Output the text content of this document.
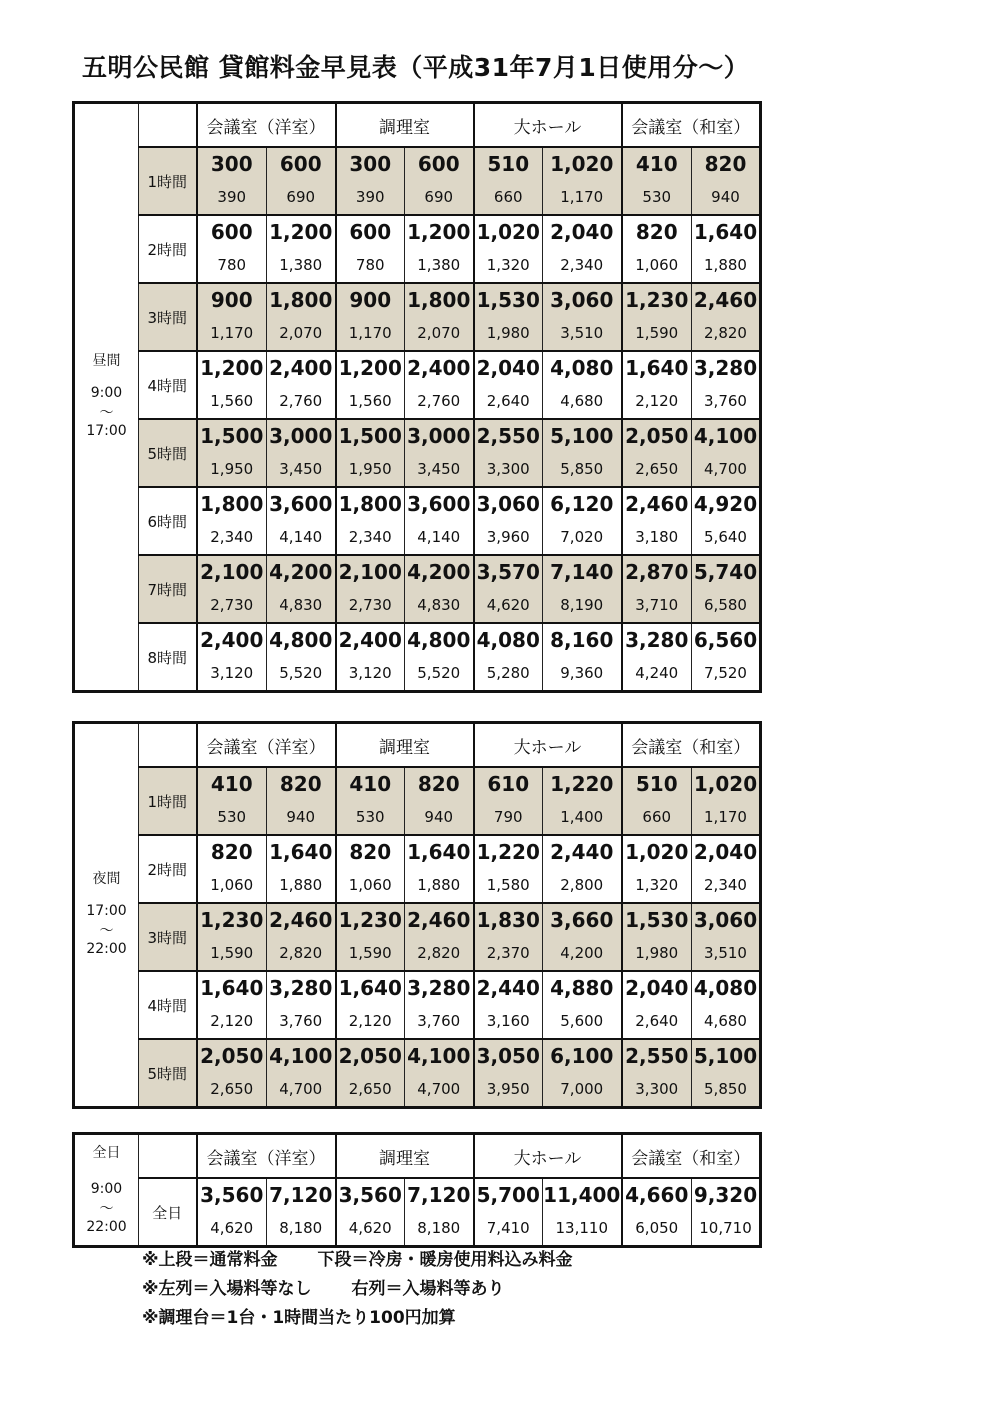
五明公民館 貸館料金早見表（平成31年7月1日使用分～）
昼間
9:00
～
17:00		会議室（洋室）		調理室		大ホール		会議室（和室）	
	1時間	300	600	300	600	510	1,020	410	820
		390	690	390	690	660	1,170	530	940
	2時間	600	1,200	600	1,200	1,020	2,040	820	1,640
		780	1,380	780	1,380	1,320	2,340	1,060	1,880
	3時間	900	1,800	900	1,800	1,530	3,060	1,230	2,460
		1,170	2,070	1,170	2,070	1,980	3,510	1,590	2,820
	4時間	1,200	2,400	1,200	2,400	2,040	4,080	1,640	3,280
		1,560	2,760	1,560	2,760	2,640	4,680	2,120	3,760
	5時間	1,500	3,000	1,500	3,000	2,550	5,100	2,050	4,100
		1,950	3,450	1,950	3,450	3,300	5,850	2,650	4,700
	6時間	1,800	3,600	1,800	3,600	3,060	6,120	2,460	4,920
		2,340	4,140	2,340	4,140	3,960	7,020	3,180	5,640
	7時間	2,100	4,200	2,100	4,200	3,570	7,140	2,870	5,740
		2,730	4,830	2,730	4,830	4,620	8,190	3,710	6,580
	8時間	2,400	4,800	2,400	4,800	4,080	8,160	3,280	6,560
		3,120	5,520	3,120	5,520	5,280	9,360	4,240	7,520
夜間
17:00
～
22:00		会議室（洋室）		調理室		大ホール		会議室（和室）	
	1時間	410	820	410	820	610	1,220	510	1,020
		530	940	530	940	790	1,400	660	1,170
	2時間	820	1,640	820	1,640	1,220	2,440	1,020	2,040
		1,060	1,880	1,060	1,880	1,580	2,800	1,320	2,340
	3時間	1,230	2,460	1,230	2,460	1,830	3,660	1,530	3,060
		1,590	2,820	1,590	2,820	2,370	4,200	1,980	3,510
	4時間	1,640	3,280	1,640	3,280	2,440	4,880	2,040	4,080
		2,120	3,760	2,120	3,760	3,160	5,600	2,640	4,680
	5時間	2,050	4,100	2,050	4,100	3,050	6,100	2,550	5,100
		2,650	4,700	2,650	4,700	3,950	7,000	3,300	5,850
全日
9:00
～
22:00		会議室（洋室）		調理室		大ホール		会議室（和室）	
	全日	3,560	7,120	3,560	7,120	5,700	11,400	4,660	9,320
		4,620	8,180	4,620	8,180	7,410	13,110	6,050	10,710
※上段＝通常料金　　 下段＝冷房・暖房使用料込み料金
※左列＝入場料等なし　　 右列＝入場料等あり
※調理台＝1台・1時間当たり100円加算
